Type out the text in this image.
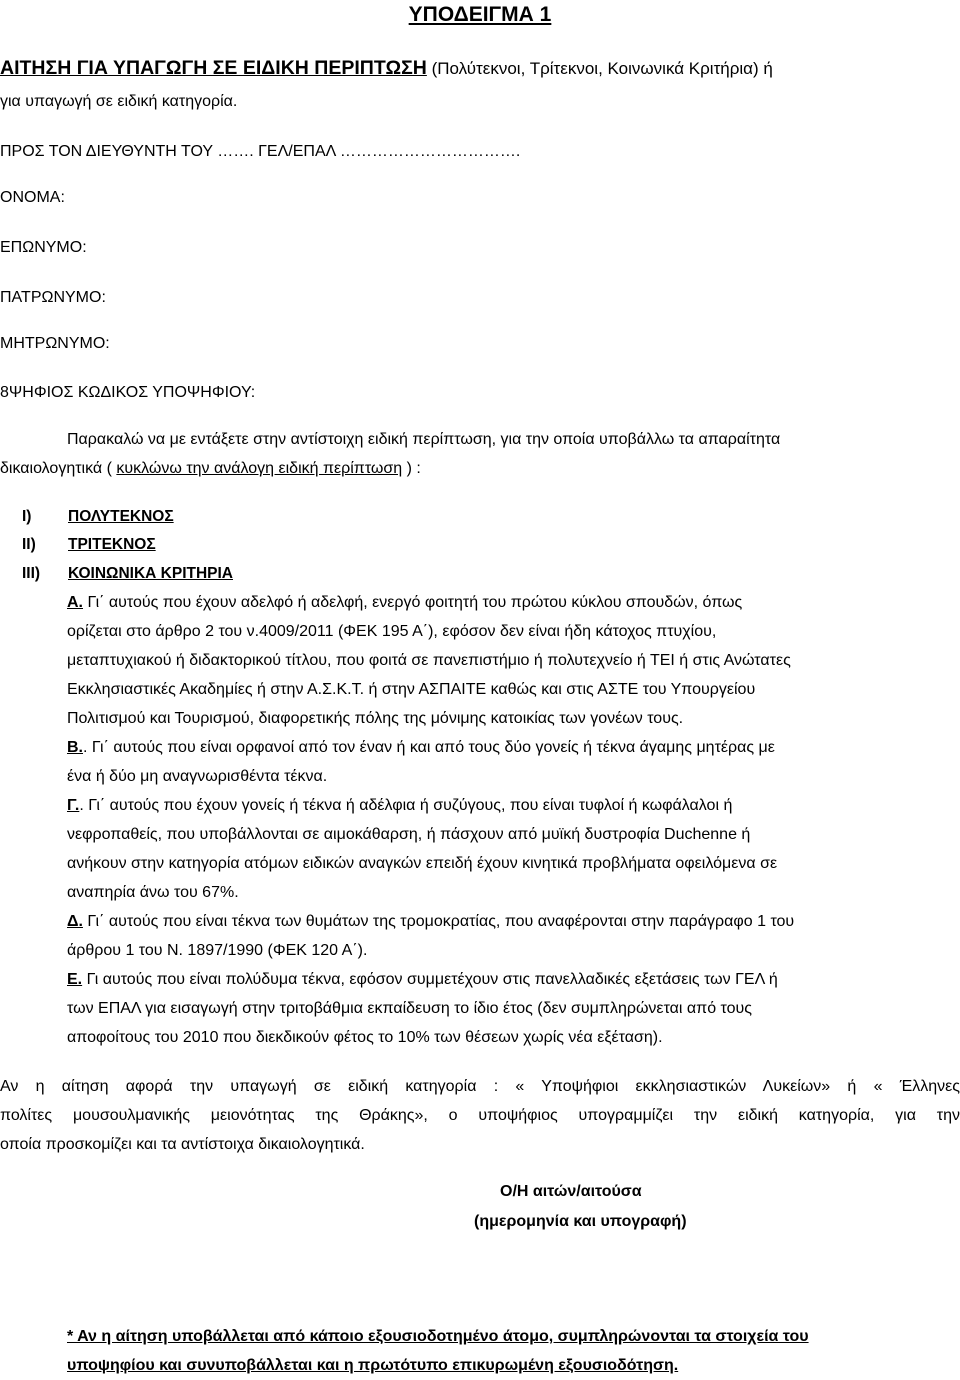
ΥΠΟΔΕΙΓΜΑ 1
ΑΙΤΗΣΗ ΓΙΑ ΥΠΑΓΩΓΗ ΣΕ ΕΙΔΙΚΗ ΠΕΡΙΠΤΩΣΗ (Πολύτεκνοι, Τρίτεκνοι, Κοινωνικά Κριτήρια) ή
για υπαγωγή σε ειδική κατηγορία.
ΠΡΟΣ ΤΟΝ ΔΙΕΥΘΥΝΤΗ ΤΟΥ ……. ΓΕΛ/ΕΠΑΛ …………………………….
ΟΝΟΜΑ:
ΕΠΩΝΥΜΟ:
ΠΑΤΡΩΝΥΜΟ:
ΜΗΤΡΩΝΥΜΟ:
8ΨΗΦΙΟΣ ΚΩΔΙΚΟΣ ΥΠΟΨΗΦΙΟΥ:
Παρακαλώ να με εντάξετε στην αντίστοιχη ειδική περίπτωση, για την οποία υποβάλλω τα απαραίτητα
δικαιολογητικά ( κυκλώνω την ανάλογη ειδική περίπτωση ) :
I) ΠΟΛΥΤΕΚΝΟΣ
II) ΤΡΙΤΕΚΝΟΣ
III) ΚΟΙΝΩΝΙΚΑ ΚΡΙΤΗΡΙΑ
Α. Γι΄ αυτούς που έχουν αδελφό ή αδελφή, ενεργό φοιτητή του πρώτου κύκλου σπουδών, όπως
ορίζεται στο άρθρο 2 του ν.4009/2011 (ΦΕΚ 195 Α΄), εφόσον δεν είναι ήδη κάτοχος πτυχίου,
μεταπτυχιακού ή διδακτορικού τίτλου, που φοιτά σε πανεπιστήμιο ή πολυτεχνείο ή ΤΕΙ ή στις Ανώτατες
Εκκλησιαστικές Ακαδημίες ή στην Α.Σ.Κ.Τ. ή στην ΑΣΠΑΙΤΕ καθώς και στις ΑΣΤΕ του Υπουργείου
Πολιτισμού και Τουρισμού, διαφορετικής πόλης της μόνιμης κατοικίας των γονέων τους.
Β.. Γι΄ αυτούς που είναι ορφανοί από τον έναν ή και από τους δύο γονείς ή τέκνα άγαμης μητέρας με
ένα ή δύο μη αναγνωρισθέντα τέκνα.
Γ.. Γι΄ αυτούς που έχουν γονείς ή τέκνα ή αδέλφια ή συζύγους, που είναι τυφλοί ή κωφάλαλοι ή
νεφροπαθείς, που υποβάλλονται σε αιμοκάθαρση, ή πάσχουν από μυϊκή δυστροφία Duchenne ή
ανήκουν στην κατηγορία ατόμων ειδικών αναγκών επειδή έχουν κινητικά προβλήματα οφειλόμενα σε
αναπηρία άνω του 67%.
Δ. Γι΄ αυτούς που είναι τέκνα των θυμάτων της τρομοκρατίας, που αναφέρονται στην παράγραφο 1 του
άρθρου 1 του Ν. 1897/1990 (ΦΕΚ 120 Α΄).
Ε. Γι αυτούς που είναι πολύδυμα τέκνα, εφόσον συμμετέχουν στις πανελλαδικές εξετάσεις των ΓΕΛ ή
των ΕΠΑΛ για εισαγωγή στην τριτοβάθμια εκπαίδευση το ίδιο έτος (δεν συμπληρώνεται από τους
αποφοίτους του 2010 που διεκδικούν φέτος το 10% των θέσεων χωρίς νέα εξέταση).
Αν η αίτηση αφορά την υπαγωγή σε ειδική κατηγορία : « Υποψήφιοι εκκλησιαστικών Λυκείων» ή « Έλληνες
πολίτες μουσουλμανικής μειονότητας της Θράκης», ο υποψήφιος υπογραμμίζει την ειδική κατηγορία, για την
οποία προσκομίζει και τα αντίστοιχα δικαιολογητικά.
Ο/Η αιτών/αιτούσα
(ημερομηνία και υπογραφή)
* Αν η αίτηση υποβάλλεται από κάποιο εξουσιοδοτημένο άτομο, συμπληρώνονται τα στοιχεία του
υποψηφίου και συνυποβάλλεται και η πρωτότυπο επικυρωμένη εξουσιοδότηση.
